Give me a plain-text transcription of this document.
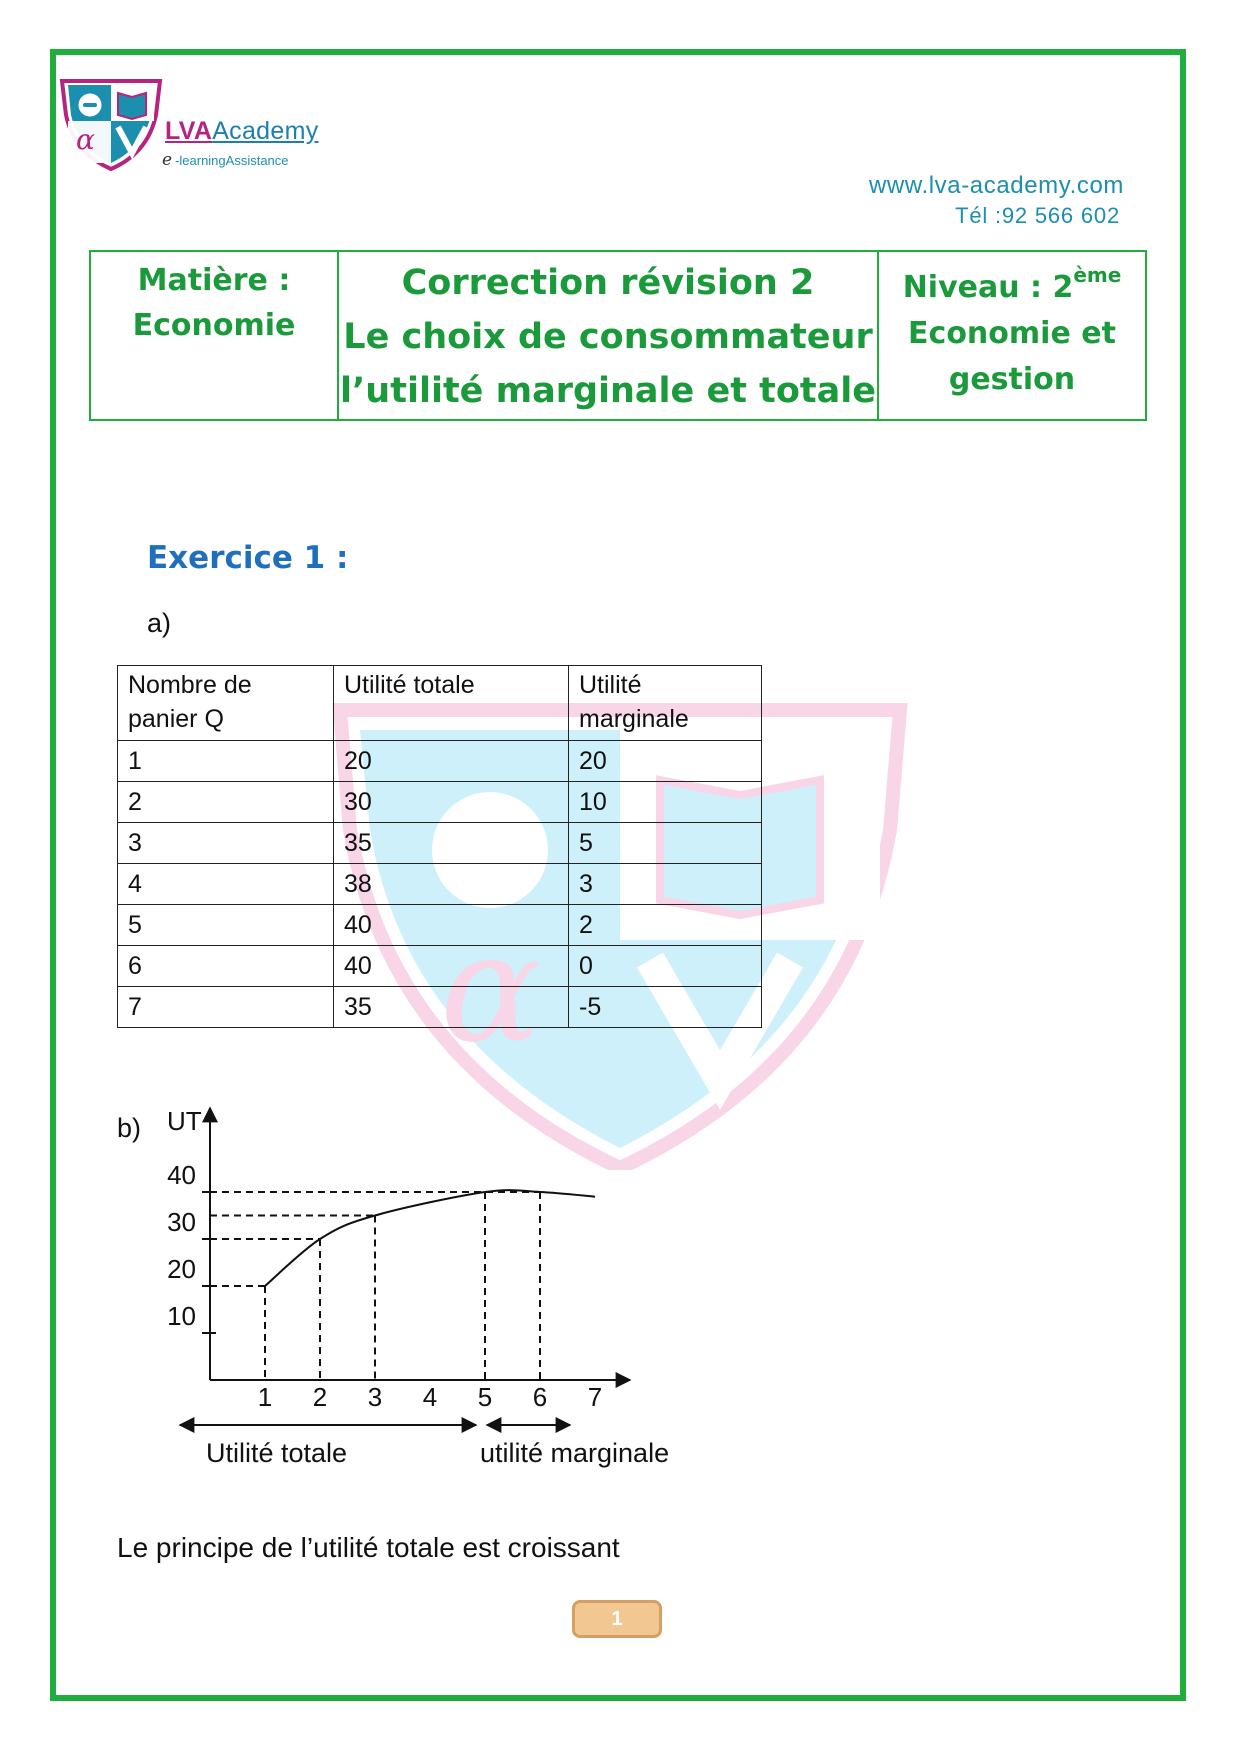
α	LVAAcademy
e -learningAssistance
www.lva-academy.com
Tél :92 566 602
Matière :
Economie

Correction révision 2
Le choix de consommateur
l’utilité marginale et totale

Niveau : 2ème
Economie et
gestion
α
Exercice 1 :
a)
Nombre de panier Q	Utilité totale	Utilité marginale
1	20	20
2	30	10
3	35	5
4	38	3
5	40	2
6	40	0
7	35	-5
b) UT
10
20
30
40
1 2 3 4 5 6 7
Utilité totale	utilité marginale
Le principe de l’utilité totale est croissant
1
